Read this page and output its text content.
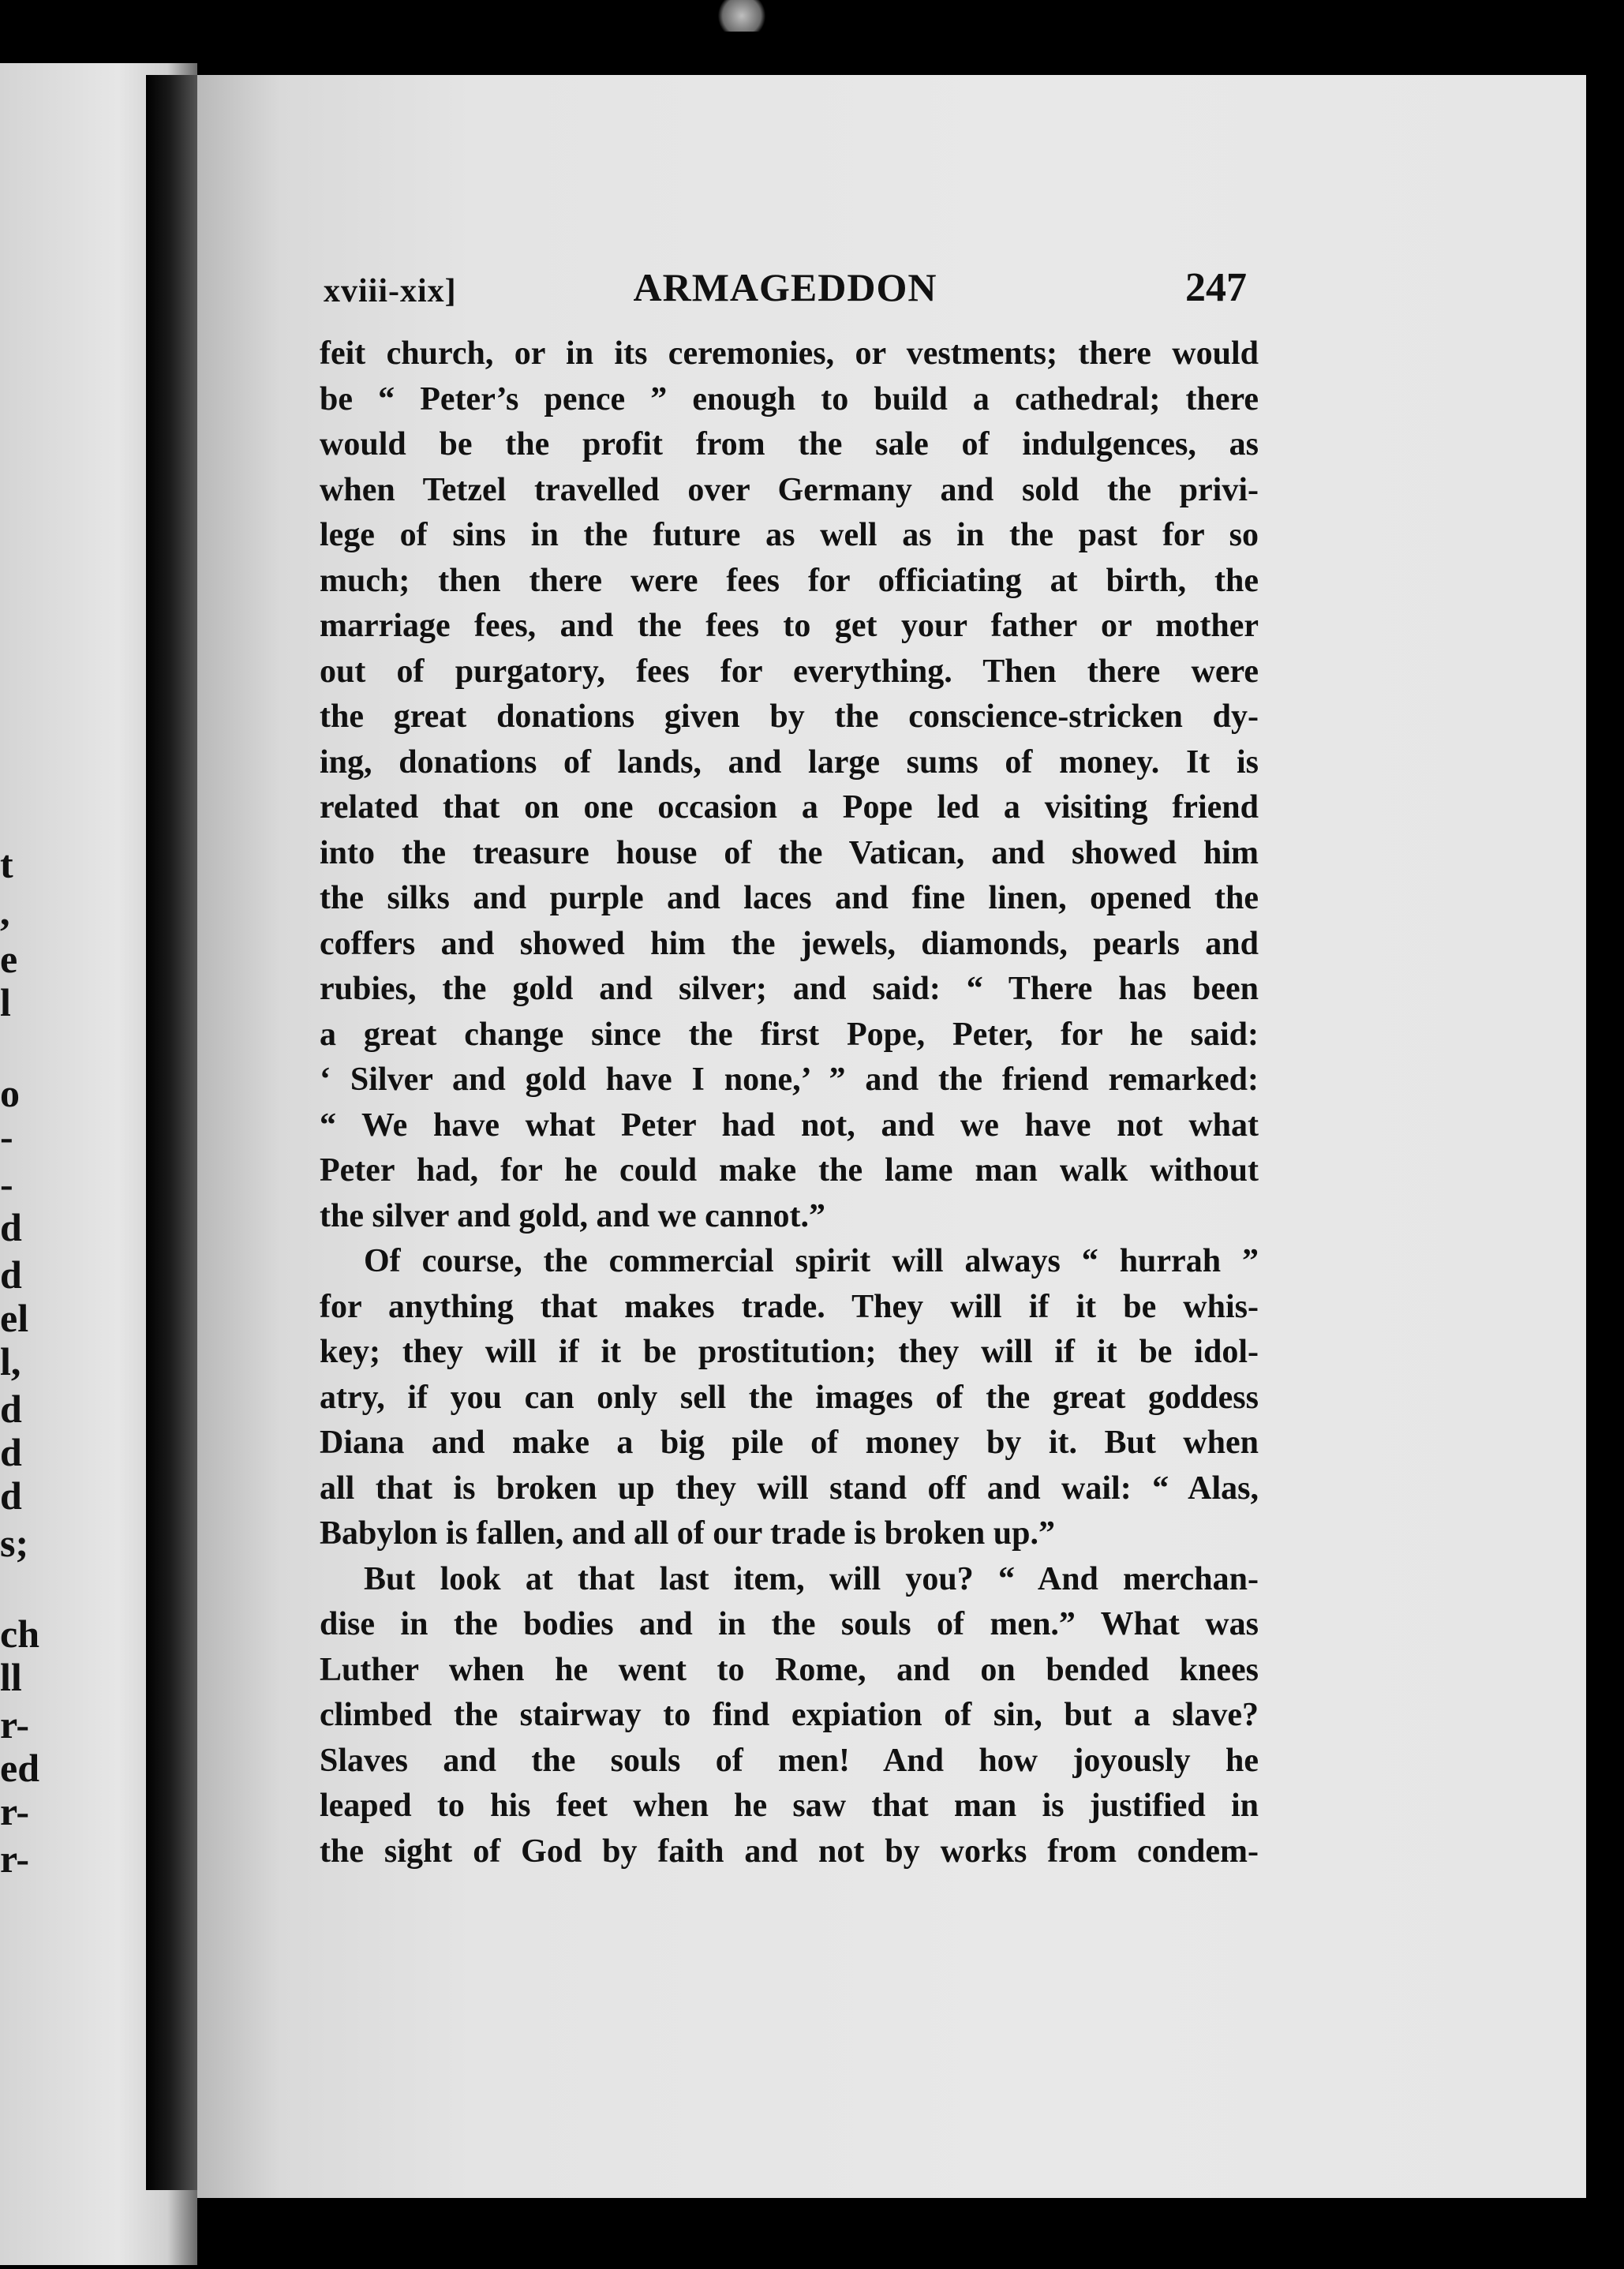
t
,
e
l
o
-
-
d
d
el
l,
d
d
d
s;
ch
ll
r-
ed
r-
r-
xviii-xix]	ARMAGEDDON	247
feit church, or in its ceremonies, or vestments; there would
be “ Peter’s pence ” enough to build a cathedral; there
would be the profit from the sale of indulgences, as
when Tetzel travelled over Germany and sold the privi-
lege of sins in the future as well as in the past for so
much; then there were fees for officiating at birth, the
marriage fees, and the fees to get your father or mother
out of purgatory, fees for everything. Then there were
the great donations given by the conscience-stricken dy-
ing, donations of lands, and large sums of money. It is
related that on one occasion a Pope led a visiting friend
into the treasure house of the Vatican, and showed him
the silks and purple and laces and fine linen, opened the
coffers and showed him the jewels, diamonds, pearls and
rubies, the gold and silver; and said: “ There has been
a great change since the first Pope, Peter, for he said:
‘ Silver and gold have I none,’ ” and the friend remarked:
“ We have what Peter had not, and we have not what
Peter had, for he could make the lame man walk without
the silver and gold, and we cannot.”
Of course, the commercial spirit will always “ hurrah ”
for anything that makes trade. They will if it be whis-
key; they will if it be prostitution; they will if it be idol-
atry, if you can only sell the images of the great goddess
Diana and make a big pile of money by it. But when
all that is broken up they will stand off and wail: “ Alas,
Babylon is fallen, and all of our trade is broken up.”
But look at that last item, will you? “ And merchan-
dise in the bodies and in the souls of men.” What was
Luther when he went to Rome, and on bended knees
climbed the stairway to find expiation of sin, but a slave?
Slaves and the souls of men! And how joyously he
leaped to his feet when he saw that man is justified in
the sight of God by faith and not by works from condem-
